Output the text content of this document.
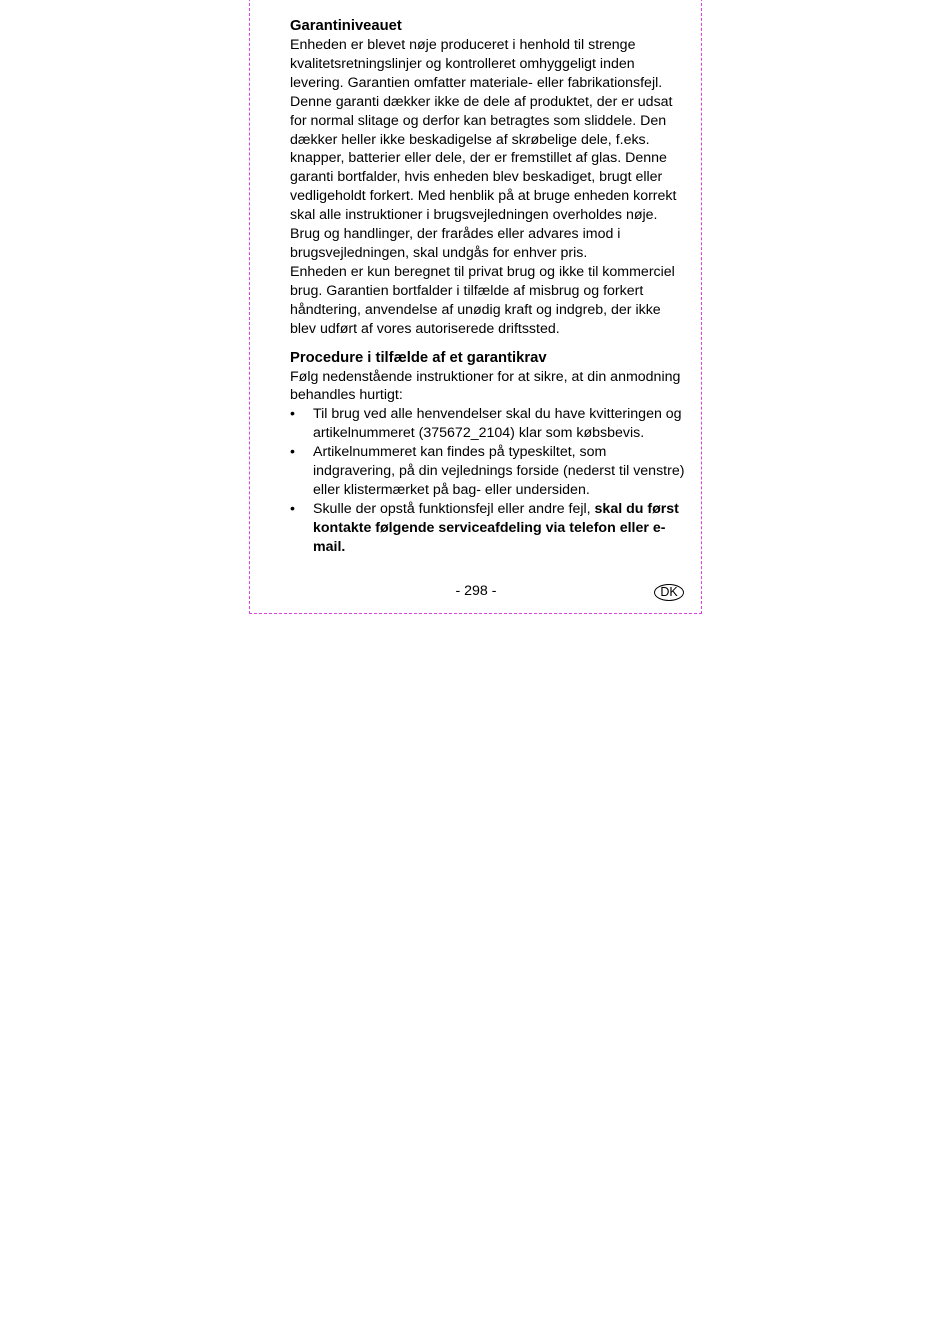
Garantiniveauet

Enheden er blevet nøje produceret i henhold til strenge kvalitetsretningslinjer og kontrolleret omhyggeligt inden levering. Garantien omfatter materiale- eller fabrikationsfejl. Denne garanti dækker ikke de dele af produktet, der er udsat for normal slitage og derfor kan betragtes som sliddele. Den dækker heller ikke beskadigelse af skrøbelige dele, f.eks. knapper, batterier eller dele, der er fremstillet af glas. Denne garanti bortfalder, hvis enheden blev beskadiget, brugt eller vedligeholdt forkert. Med henblik på at bruge enheden korrekt skal alle instruktioner i brugsvejledningen overholdes nøje. Brug og handlinger, der frarådes eller advares imod i brugsvejledningen, skal undgås for enhver pris.

Enheden er kun beregnet til privat brug og ikke til kommerciel brug. Garantien bortfalder i tilfælde af misbrug og forkert håndtering, anvendelse af unødig kraft og indgreb, der ikke blev udført af vores autoriserede driftssted.

Procedure i tilfælde af et garantikrav

Følg nedenstående instruktioner for at sikre, at din anmodning behandles hurtigt:

• Til brug ved alle henvendelser skal du have kvitteringen og artikelnummeret (375672_2104) klar som købsbevis.
• Artikelnummeret kan findes på typeskiltet, som indgravering, på din vejlednings forside (nederst til venstre) eller klistermærket på bag- eller undersiden.
• Skulle der opstå funktionsfejl eller andre fejl, skal du først kontakte følgende serviceafdeling via telefon eller e-mail.
- 298 -	DK
